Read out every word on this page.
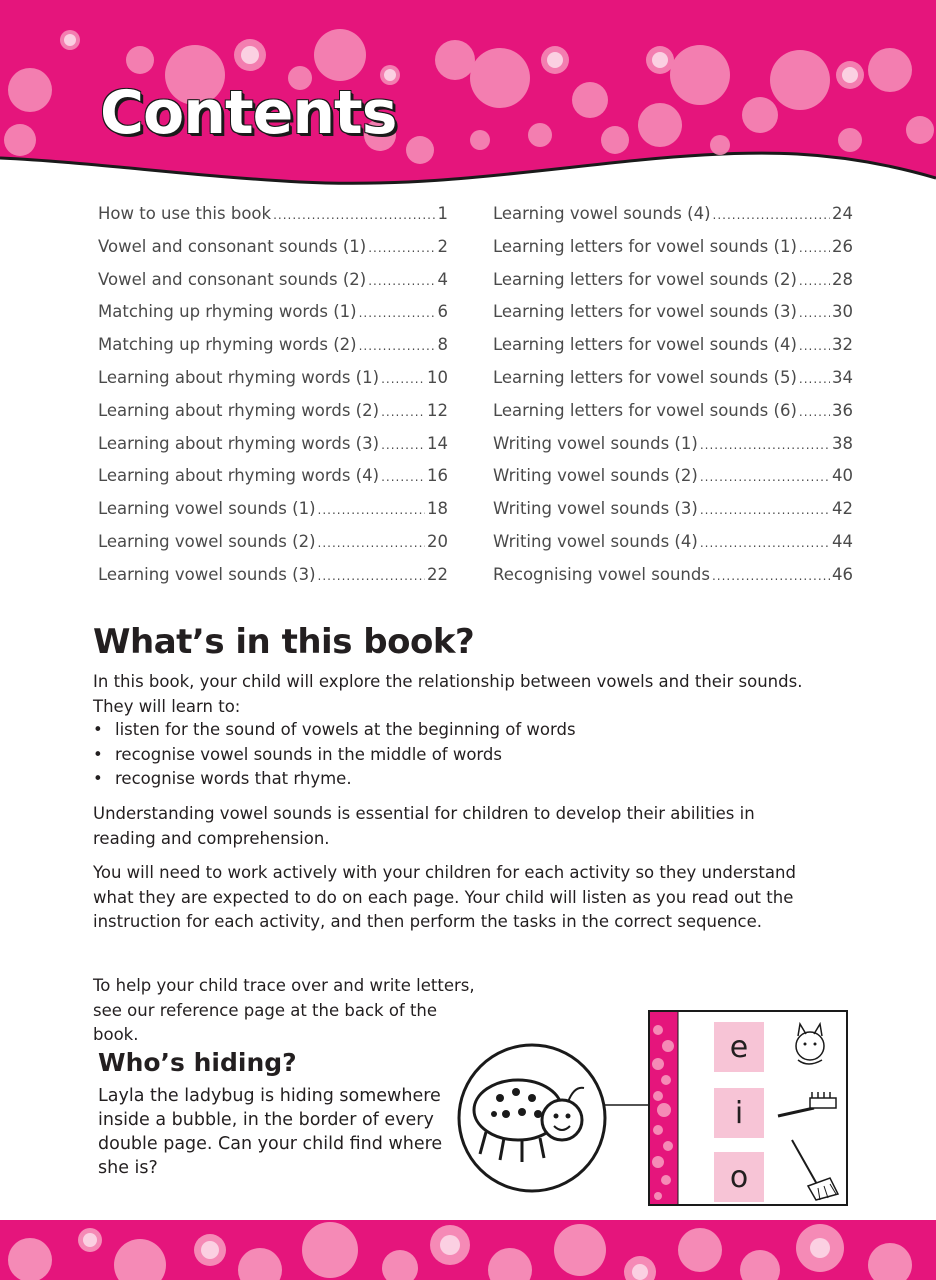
Contents
How to use this book .....	1
Vowel and consonant sounds (1) .....	2
Vowel and consonant sounds (2) .....	4
Matching up rhyming words (1) .....	6
Matching up rhyming words (2) .....	8
Learning about rhyming words (1) .....	10
Learning about rhyming words (2) .....	12
Learning about rhyming words (3) .....	14
Learning about rhyming words (4) .....	16
Learning vowel sounds (1) .....	18
Learning vowel sounds (2) .....	20
Learning vowel sounds (3) .....	22
Learning vowel sounds (4) .....	24
Learning letters for vowel sounds (1) ..... 26
Learning letters for vowel sounds (2) ..... 28
Learning letters for vowel sounds (3) ..... 30
Learning letters for vowel sounds (4) ..... 32
Learning letters for vowel sounds (5) ..... 34
Learning letters for vowel sounds (6) ..... 36
Writing vowel sounds (1) .....	38
Writing vowel sounds (2) .....	40
Writing vowel sounds (3) .....	42
Writing vowel sounds (4) .....	44
Recognising vowel sounds .....	46
What’s in this book?
In this book, your child will explore the relationship between vowels and their sounds.
They will learn to:
• listen for the sound of vowels at the beginning of words
• recognise vowel sounds in the middle of words
• recognise words that rhyme.
Understanding vowel sounds is essential for children to develop their abilities in reading and comprehension.
You will need to work actively with your children for each activity so they understand what they are expected to do on each page. Your child will listen as you read out the instruction for each activity, and then perform the tasks in the correct sequence.
To help your child trace over and write letters, see our reference page at the back of the book.
Who’s hiding?
Layla the ladybug is hiding somewhere inside a bubble, in the border of every double page. Can your child find where she is?
e
i
o
